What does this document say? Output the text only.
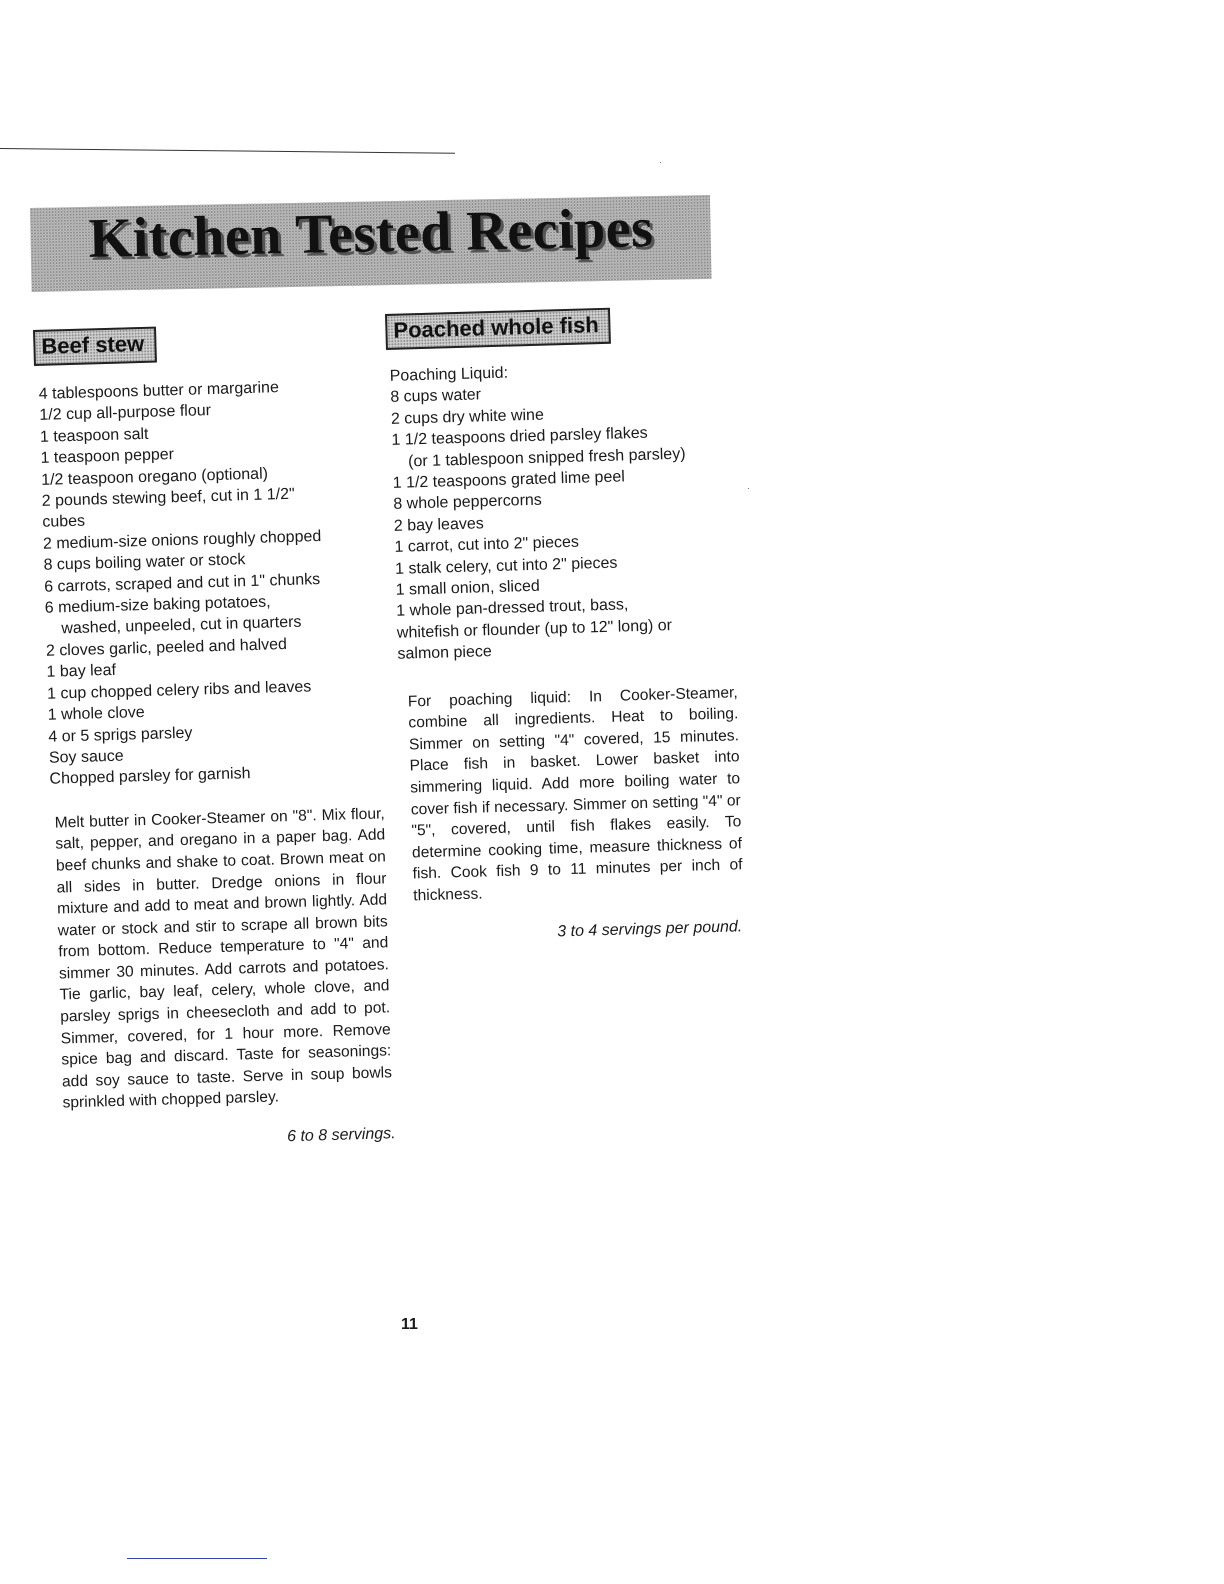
Kitchen Tested Recipes
Beef stew
4 tablespoons butter or margarine
1/2 cup all-purpose flour
1 teaspoon salt
1 teaspoon pepper
1/2 teaspoon oregano (optional)
2 pounds stewing beef, cut in 1 1/2"
cubes
2 medium-size onions roughly chopped
8 cups boiling water or stock
6 carrots, scraped and cut in 1" chunks
6 medium-size baking potatoes,
washed, unpeeled, cut in quarters
2 cloves garlic, peeled and halved
1 bay leaf
1 cup chopped celery ribs and leaves
1 whole clove
4 or 5 sprigs parsley
Soy sauce
Chopped parsley for garnish

Melt butter in Cooker-Steamer on "8". Mix flour, salt, pepper, and oregano in a paper bag. Add beef chunks and shake to coat. Brown meat on all sides in butter. Dredge onions in flour mixture and add to meat and brown lightly. Add water or stock and stir to scrape all brown bits from bottom. Reduce temperature to "4" and simmer 30 minutes. Add carrots and potatoes. Tie garlic, bay leaf, celery, whole clove, and parsley sprigs in cheesecloth and add to pot. Simmer, covered, for 1 hour more. Remove spice bag and discard. Taste for seasonings: add soy sauce to taste. Serve in soup bowls sprinkled with chopped parsley.

6 to 8 servings.
Poached whole fish
Poaching Liquid:
8 cups water
2 cups dry white wine
1 1/2 teaspoons dried parsley flakes
(or 1 tablespoon snipped fresh parsley)
1 1/2 teaspoons grated lime peel
8 whole peppercorns
2 bay leaves
1 carrot, cut into 2" pieces
1 stalk celery, cut into 2" pieces
1 small onion, sliced
1 whole pan-dressed trout, bass,
whitefish or flounder (up to 12" long) or
salmon piece

For poaching liquid: In Cooker-Steamer, combine all ingredients. Heat to boiling. Simmer on setting "4" covered, 15 minutes. Place fish in basket. Lower basket into simmering liquid. Add more boiling water to cover fish if necessary. Simmer on setting "4" or "5", covered, until fish flakes easily. To determine cooking time, measure thickness of fish. Cook fish 9 to 11 minutes per inch of thickness.

3 to 4 servings per pound.
11
